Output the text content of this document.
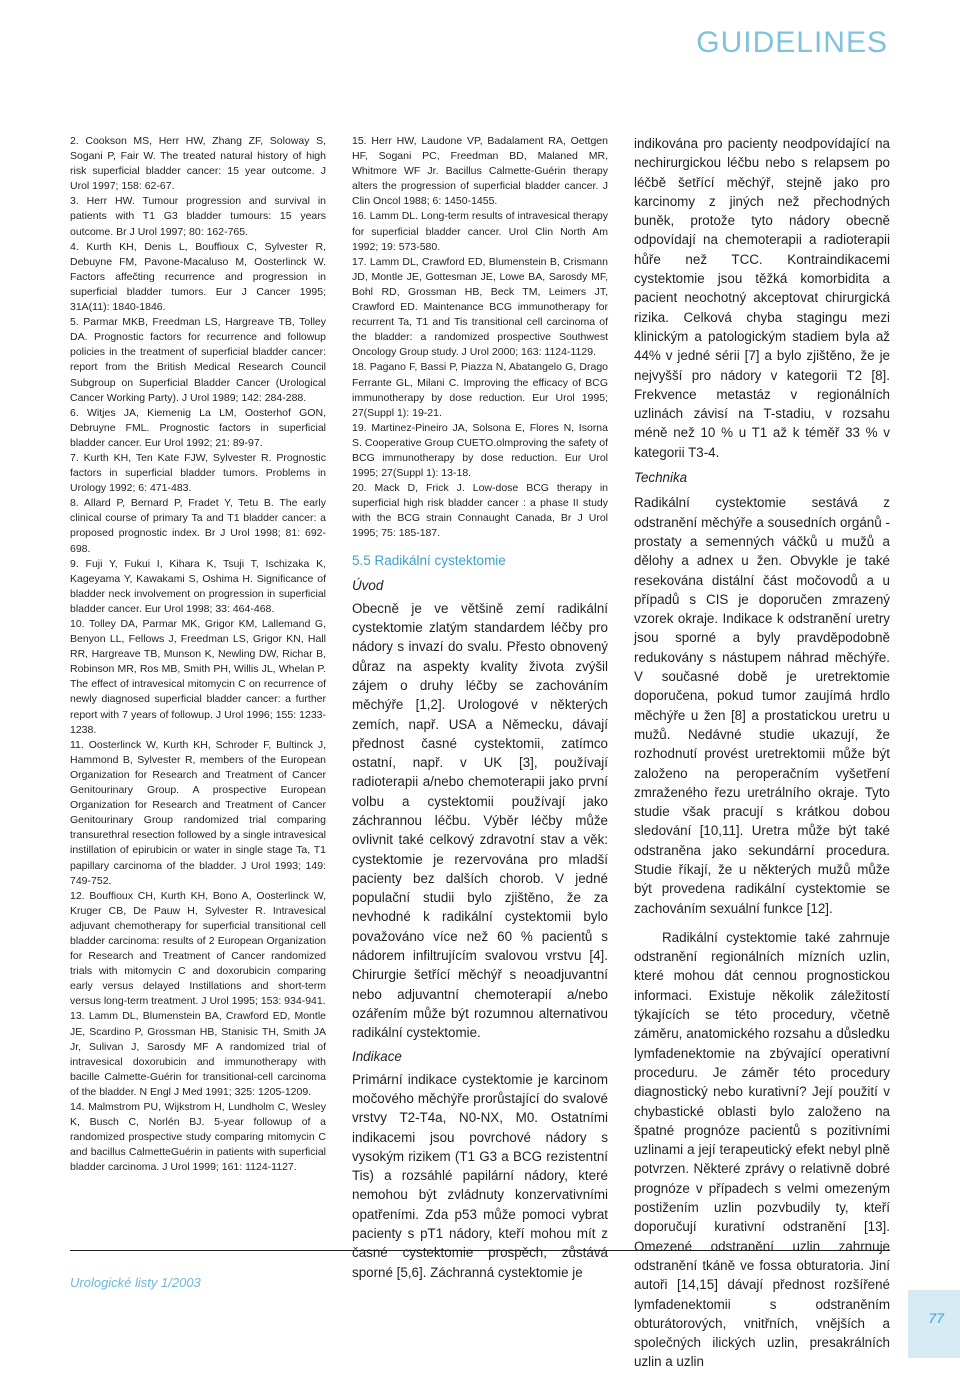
GUIDELINES

2. Cookson MS, Herr HW, Zhang ZF, Soloway S, Sogani P, Fair W. The treated natural history of high risk superficial bladder cancer: 15 year outcome. J Urol 1997; 158: 62-67.

3. Herr HW. Tumour progression and survival in patients with T1 G3 bladder tumours: 15 years outcome. Br J Urol 1997; 80: 162-765.

4. Kurth KH, Denis L, Bouffioux C, Sylvester R, Debuyne FM, Pavone-Macaluso M, Oosterlinck W. Factors affečting recurrence and progression in superficial bladder tumors. Eur J Cancer 1995; 31A(11): 1840-1846.

5. Parmar MKB, Freedman LS, Hargreave TB, Tolley DA. Prognostic factors for recurrence and followup policies in the treatment of superficial bladder cancer: report from the British Medical Research Council Subgroup on Superficial Bladder Cancer (Urological Cancer Working Party). J Urol 1989; 142: 284-288.

6. Witjes JA, Kiemenig La LM, Oosterhof GON, Debruyne FML. Prognostic factors in superficial bladder cancer. Eur Urol 1992; 21: 89-97.

7. Kurth KH, Ten Kate FJW, Sylvester R. Prognostic factors in superficial bladder tumors. Problems in Urology 1992; 6: 471-483.

8. Allard P, Bernard P, Fradet Y, Tetu B. The early clinical course of primary Ta and T1 bladder cancer: a proposed prognostic index. Br J Urol 1998; 81: 692-698.

9. Fuji Y, Fukui I, Kihara K, Tsuji T, Ischizaka K, Kageyama Y, Kawakami S, Oshima H. Significance of bladder neck involvement on progression in superficial bladder cancer. Eur Urol 1998; 33: 464-468.

10. Tolley DA, Parmar MK, Grigor KM, Lallemand G, Benyon LL, Fellows J, Freedman LS, Grigor KN, Hall RR, Hargreave TB, Munson K, Newling DW, Richar B, Robinson MR, Ros MB, Smith PH, Willis JL, Whelan P. The effect of intravesical mitomycin C on recurrence of newly diagnosed superficial bladder cancer: a further report with 7 years of followup. J Urol 1996; 155: 1233-1238.

11. Oosterlinck W, Kurth KH, Schroder F, Bultinck J, Hammond B, Sylvester R, members of the European Organization for Research and Treatment of Cancer Genitourinary Group. A prospective European Organization for Research and Treatment of Cancer Genitourinary Group randomized trial comparing transurethral resection followed by a single intravesical instillation of epirubicin or water in single stage Ta, T1 papillary carcinoma of the bladder. J Urol 1993; 149: 749-752.

12. Bouffioux CH, Kurth KH, Bono A, Oosterlinck W, Kruger CB, De Pauw H, Sylvester R. Intravesical adjuvant chemotherapy for superficial transitional cell bladder carcinoma: results of 2 European Organization for Research and Treatment of Cancer randomized trials with mitomycin C and doxorubicin comparing early versus delayed Instillations and short-term versus long-term treatment. J Urol 1995; 153: 934-941.

13. Lamm DL, Blumenstein BA, Crawford ED, Montle JE, Scardino P, Grossman HB, Stanisic TH, Smith JA Jr, Sulivan J, Sarosdy MF A randomized trial of intravesical doxorubicin and immunotherapy with bacille Calmette-Guérin for transitional-cell carcinoma of the bladder. N Engl J Med 1991; 325: 1205-1209.

14. Malmstrom PU, Wijkstrom H, Lundholm C, Wesley K, Busch C, Norlén BJ. 5-year followup of a randomized prospective study comparing mitomycin C and bacillus CalmetteGuérin in patients with superficial bladder carcinoma. J Urol 1999; 161: 1124-1127.

15. Herr HW, Laudone VP, Badalament RA, Oettgen HF, Sogani PC, Freedman BD, Malaned MR, Whitmore WF Jr. Bacillus Calmette-Guérin therapy alters the progression of superficial bladder cancer. J Clin Oncol 1988; 6: 1450-1455.

16. Lamm DL. Long-term results of intravesical therapy for superficial bladder cancer. Urol Clin North Am 1992; 19: 573-580.

17. Lamm DL, Crawford ED, Blumenstein B, Crismann JD, Montle JE, Gottesman JE, Lowe BA, Sarosdy MF, Bohl RD, Grossman HB, Beck TM, Leimers JT, Crawford ED. Maintenance BCG immunotherapy for recurrent Ta, T1 and Tis transitional cell carcinoma of the bladder: a randomized prospective Southwest Oncology Group study. J Urol 2000; 163: 1124-1129.

18. Pagano F, Bassi P, Piazza N, Abatangelo G, Drago Ferrante GL, Milani C. Improving the efficacy of BCG immunotherapy by dose reduction. Eur Urol 1995; 27(Suppl 1): 19-21.

19. Martinez-Pineiro JA, Solsona E, Flores N, Isorna S. Cooperative Group CUETO.olmproving the safety of BCG immunotherapy by dose reduction. Eur Urol 1995; 27(Suppl 1): 13-18.

20. Mack D, Frick J. Low-dose BCG therapy in superficial high risk bladder cancer : a phase II study with the BCG strain Connaught Canada, Br J Urol 1995; 75: 185-187.

5.5 Radikální cystektomie
Úvod

Obecně je ve většině zemí radikální cystektomie zlatým standardem léčby pro nádory s invazí do svalu. Přesto obnovený důraz na aspekty kvality života zvýšil zájem o druhy léčby se zachováním měchýře [1,2]. Urologové v některých zemích, např. USA a Německu, dávají přednost časné cystektomii, zatímco ostatní, např. v UK [3], používají radioterapii a/nebo chemoterapii jako první volbu a cystektomii používají jako záchrannou léčbu. Výběr léčby může ovlivnit také celkový zdravotní stav a věk: cystektomie je rezervována pro mladší pacienty bez dalších chorob. V jedné populační studii bylo zjištěno, že za nevhodné k radikální cystektomii bylo považováno více než 60 % pacientů s nádorem infiltrujícím svalovou vrstvu [4]. Chirurgie šetřící měchýř s neoadjuvantní nebo adjuvantní chemoterapií a/nebo ozářením může být rozumnou alternativou radikální cystektomie.

Indikace

Primární indikace cystektomie je karcinom močového měchýře prorůstající do svalové vrstvy T2-T4a, N0-NX, M0. Ostatními indikacemi jsou povrchové nádory s vysokým rizikem (T1 G3 a BCG rezistentní Tis) a rozsáhlé papilární nádory, které nemohou být zvládnuty konzervativními opatřeními. Zda p53 může pomoci vybrat pacienty s pT1 nádory, kteří mohou mít z časné cystektomie prospěch, zůstává sporné [5,6]. Záchranná cystektomie je

indikována pro pacienty neodpovídající na nechirurgickou léčbu nebo s relapsem po léčbě šetřící měchýř, stejně jako pro karcinomy z jiných než přechodných buněk, protože tyto nádory obecně odpovídají na chemoterapii a radioterapii hůře než TCC. Kontraindikacemi cystektomie jsou těžká komorbidita a pacient neochotný akceptovat chirurgická rizika. Celková chyba stagingu mezi klinickým a patologickým stadiem byla až 44% v jedné sérii [7] a bylo zjištěno, že je nejvyšší pro nádory v kategorii T2 [8]. Frekvence metastáz v regionálních uzlinách závisí na T-stadiu, v rozsahu méně než 10 % u T1 až k téměř 33 % v kategorii T3-4.

Technika

Radikální cystektomie sestává z odstranění měchýře a sousedních orgánů - prostaty a semenných váčků u mužů a dělohy a adnex u žen. Obvykle je také resekována distální část močovodů a u případů s CIS je doporučen zmrazený vzorek okraje. Indikace k odstranění uretry jsou sporné a byly pravděpodobně redukovány s nástupem náhrad měchýře. V současné době je uretrektomie doporučena, pokud tumor zaujímá hrdlo měchýře u žen [8] a prostatickou uretru u mužů. Nedávné studie ukazují, že rozhodnutí provést uretrektomii může být založeno na peroperačním vyšetření zmraženého řezu uretrálního okraje. Tyto studie však pracují s krátkou dobou sledování [10,11]. Uretra může být také odstraněna jako sekundární procedura. Studie říkají, že u některých mužů může být provedena radikální cystektomie se zachováním sexuální funkce [12].

Radikální cystektomie také zahrnuje odstranění regionálních mízních uzlin, které mohou dát cennou prognostickou informaci. Existuje několik záležitostí týkajících se této procedury, včetně záměru, anatomického rozsahu a důsledku lymfadenektomie na zbývající operativní proceduru. Je záměr této procedury diagnostický nebo kurativní? Její použití v chybastické oblasti bylo založeno na špatné prognóze pacientů s pozitivními uzlinami a její terapeutický efekt nebyl plně potvrzen. Některé zprávy o relativně dobré prognóze v případech s velmi omezeným postižením uzlin pozvbudily ty, kteří doporučují kurativní odstranění [13]. Omezené odstranění uzlin zahrnuje odstranění tkáně ve fossa obturatoria. Jiní autoři [14,15] dávají přednost rozšířené lymfadenektomii s odstraněním obturátorových, vnitřních, vnějších a společných ilických uzlin, presakrálních uzlin a uzlin

Urologické listy 1/2003
77
